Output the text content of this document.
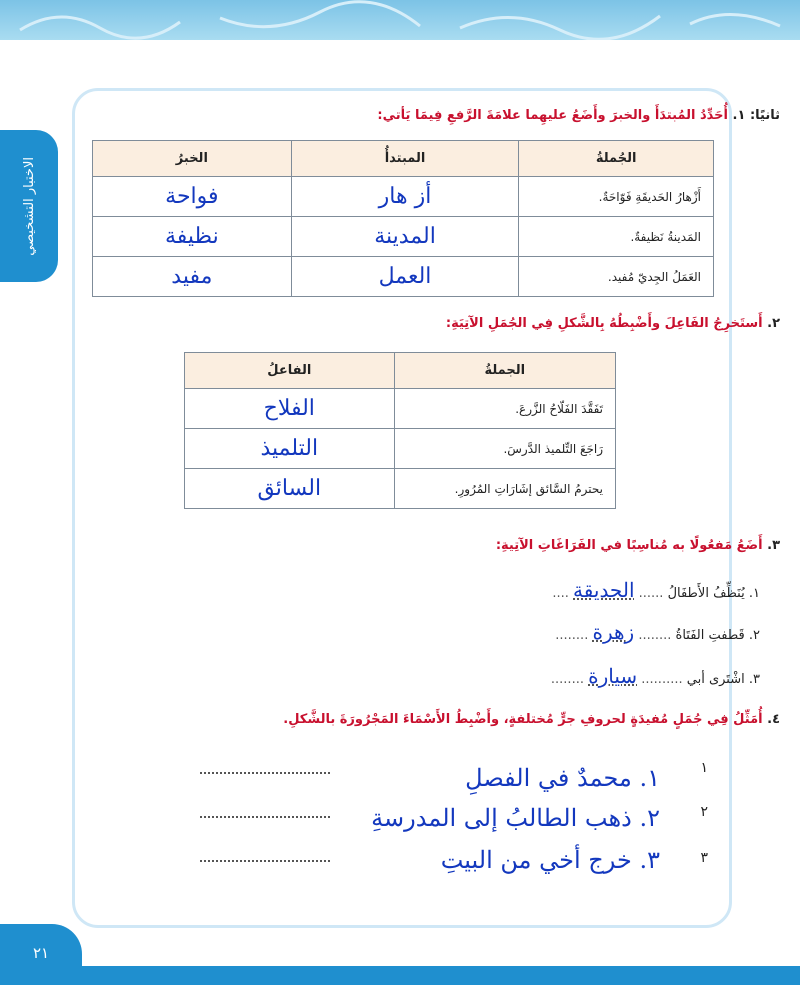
الاختبار التشخيصي
ثانيًا: ١. أُحَدِّدُ المُبتدَأَ والخبرَ وأَضَعُ عليهِما علامَةَ الرَّفعِ فِيمَا يَأتي:
الجُملةُ	المبتدأُ	الخبرُ
أَزْهارُ الحَديقَةِ فَوّاحَةٌ.	أز هار	فواحة
المَدينةُ نَظيفةٌ.	المدينة	نظيفة
العَمَلُ الجِديّ مُفيد.	العمل	مفيد
٢. أَستَخرِجُ الفَاعِلَ وأَضْبِطُهُ بِالشَّكلِ فِي الجُمَلِ الآتِيَةِ:
الجملةُ	الفاعلُ
تَفَقَّدَ الفَلّاحُ الزَّرعَ.	الفلاح
رَاجَعَ التِّلميذ الدَّرسَ.	التلميذ
يحترمُ السَّائق إشَارَاتِ المُرُورِ.	السائق
٣. أَضَعُ مَفعُولًا به مُناسِبًا في الفَرَاغَاتِ الآتِيةِ:
١. يُنَظِّفُ الأَطفَالُ ...... الحديقة ....
٢. قَطفتِ الفَتَاةُ ........ زهرة ........
٣. اشْتَرى أبي .......... سيارة ........
٤. أُمَثِّلُ فِي جُمَلٍ مُفيدَةٍ لحروفِ جرٍّ مُختلفةٍ، وأَضْبِطُ الأَسْمَاءَ المَجْرُورَةَ بالشَّكلِ.
١
١. محمدٌ في الفصلِ
٢
٢. ذهب الطالبُ إلى المدرسةِ
٣
٣. خرج أخي من البيتِ
٢١
